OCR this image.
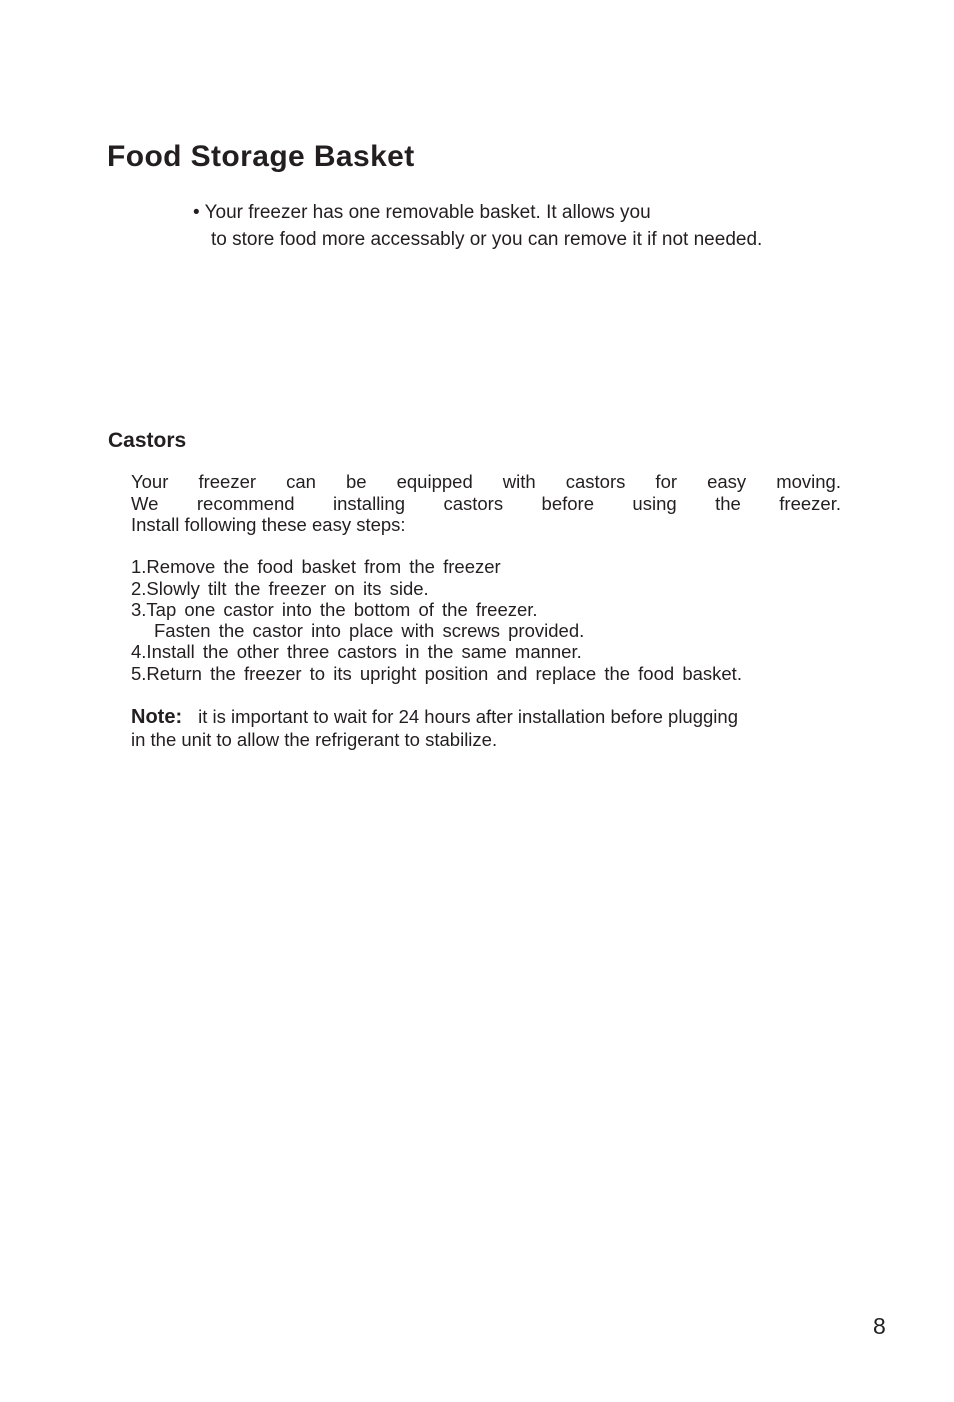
Food Storage Basket
• Your freezer has one removable basket. It allows you
to store food more accessably or you can remove it if not needed.
Castors
Your freezer can be equipped with castors for easy moving.
We recommend installing castors before using the freezer.
Install following these easy steps:
1.Remove the food basket from the freezer
2.Slowly tilt the freezer on its side.
3.Tap one castor into the bottom of the freezer.
Fasten the castor into place with screws provided.
4.Install the other three castors in the same manner.
5.Return the freezer to its upright position and replace the food basket.
Note: it is important to wait for 24 hours after installation before plugging
in the unit to allow the refrigerant to stabilize.
8
